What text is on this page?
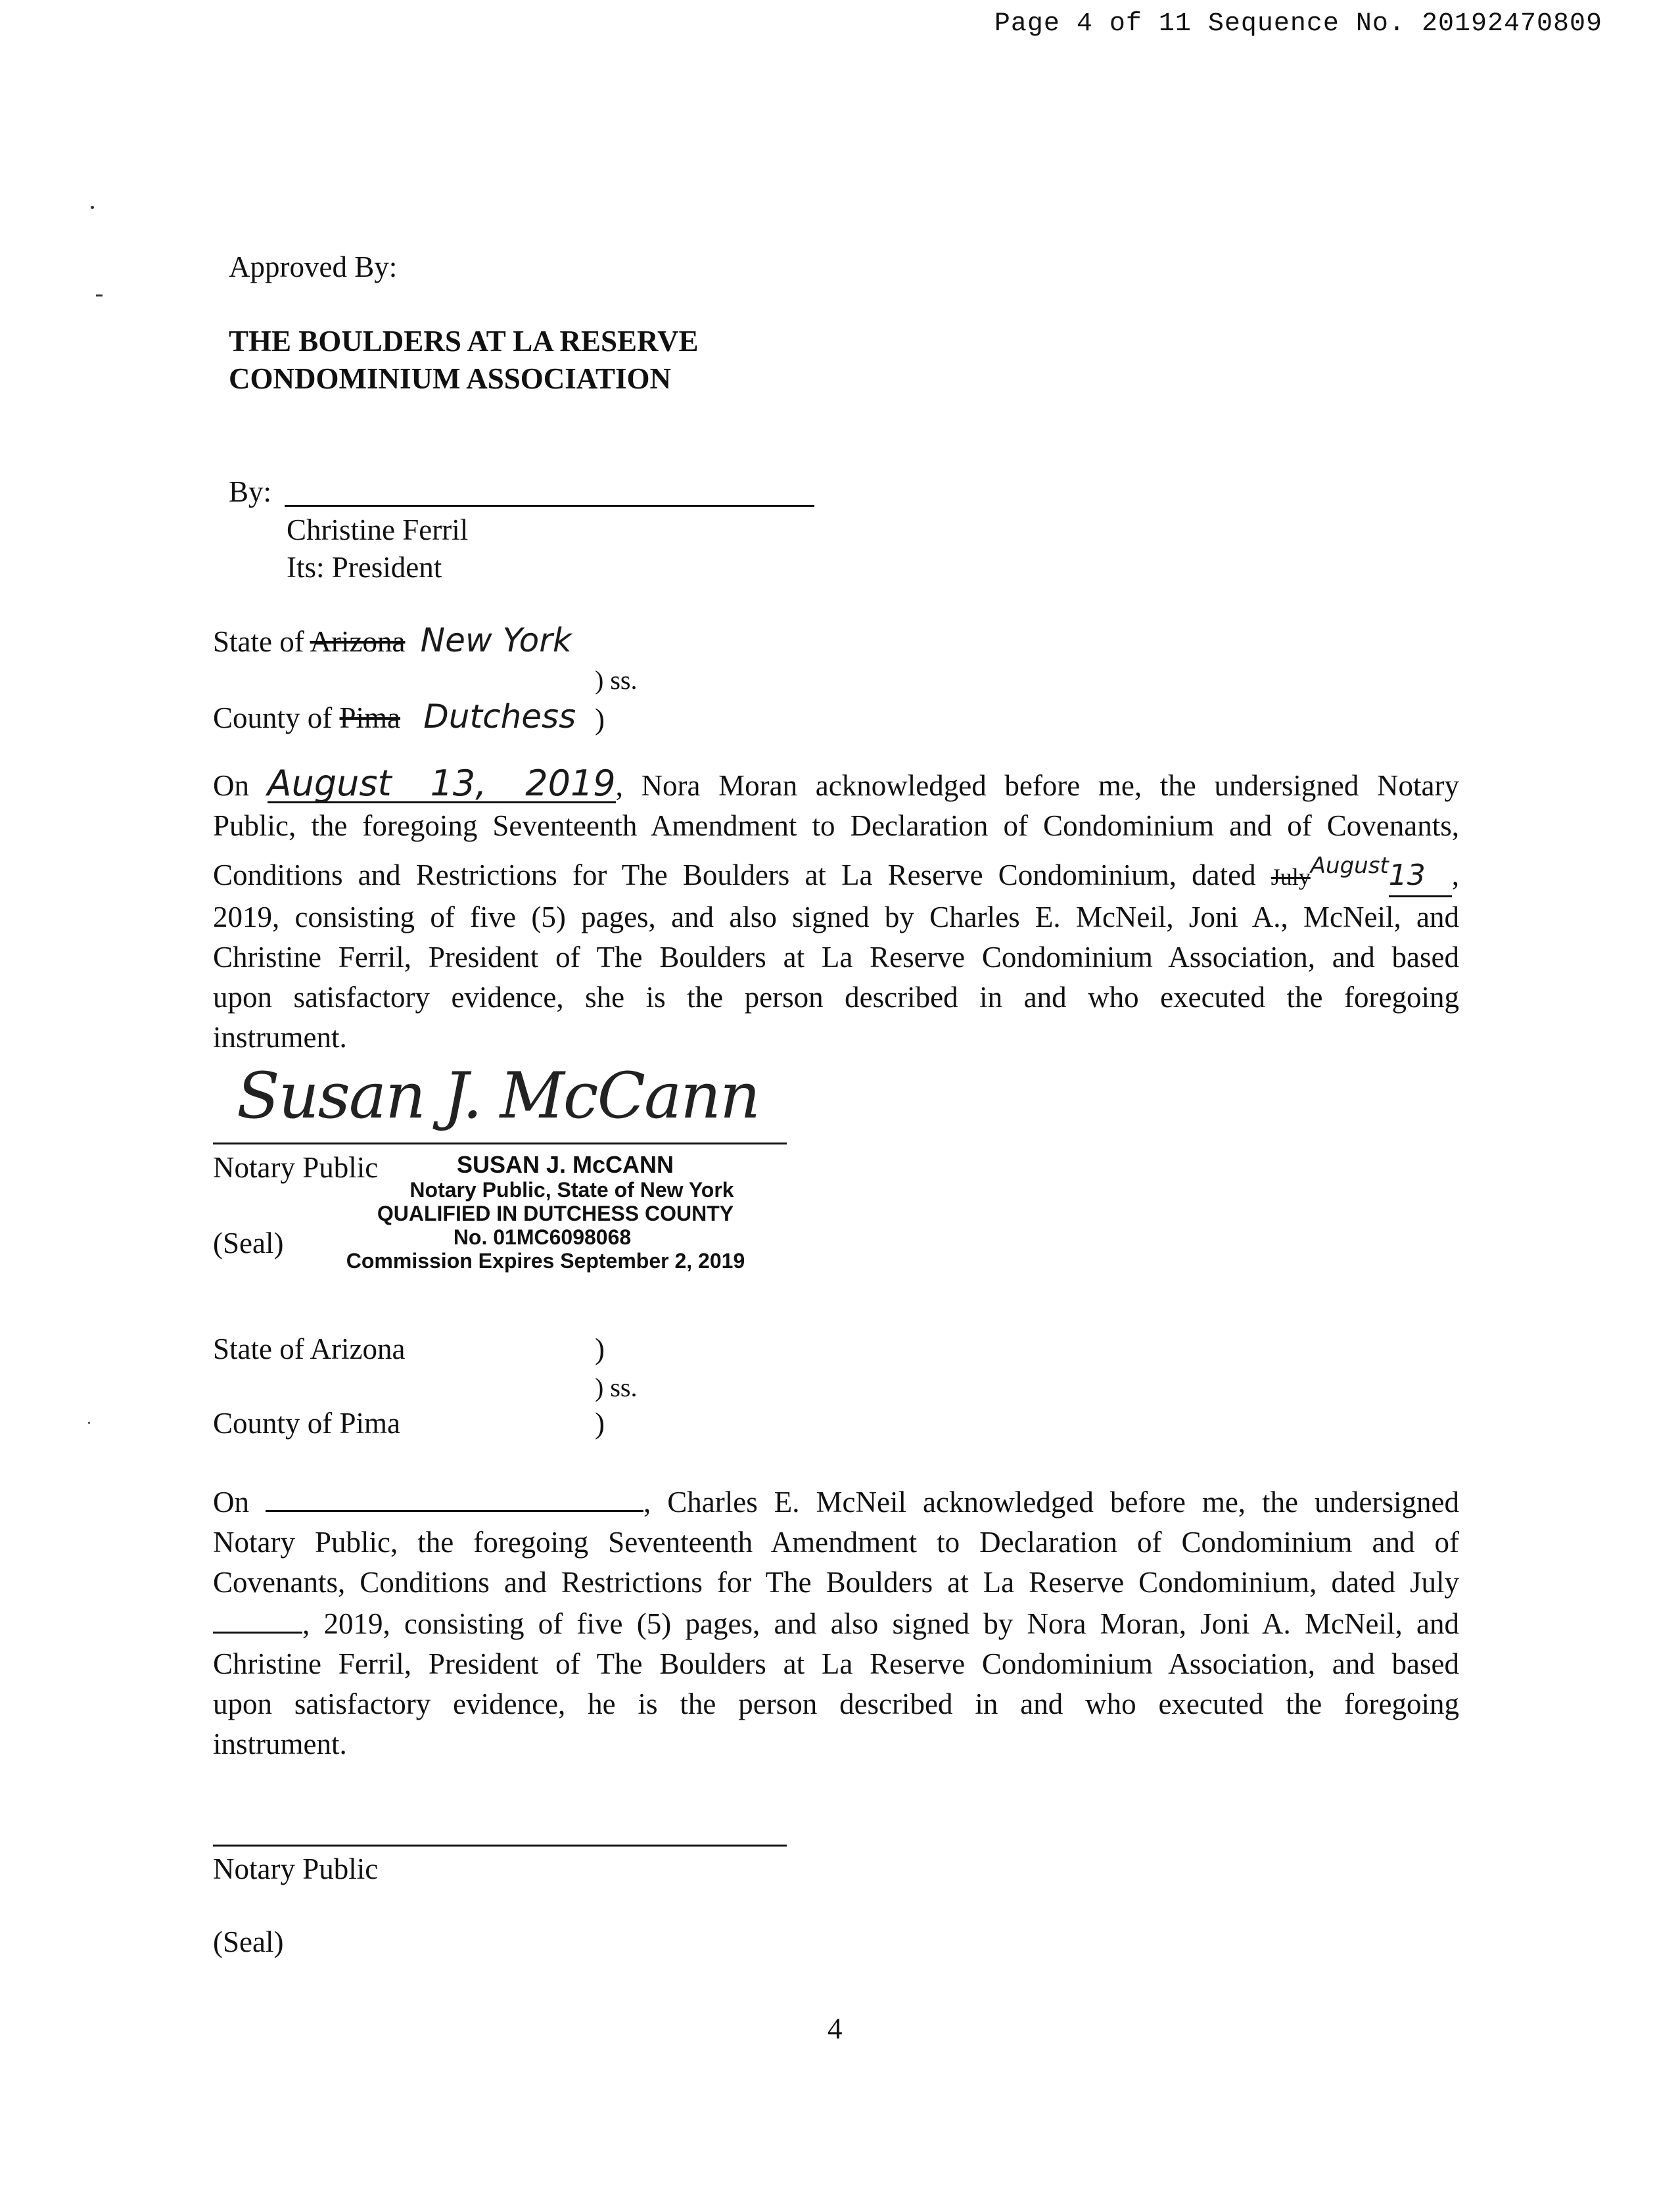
Page 4 of 11 Sequence No. 20192470809
Approved By:
THE BOULDERS AT LA RESERVE
CONDOMINIUM ASSOCIATION
By:
Christine Ferril
Its: President
State of Arizona New York
) ss.
County of Pima Dutchess )
On August 13, 2019, Nora Moran acknowledged before me, the undersigned Notary
Public, the foregoing Seventeenth Amendment to Declaration of Condominium and of Covenants,
Conditions and Restrictions for The Boulders at La Reserve Condominium, dated July$^{August}$13 ,
2019, consisting of five (5) pages, and also signed by Charles E. McNeil, Joni A., McNeil, and
Christine Ferril, President of The Boulders at La Reserve Condominium Association, and based
upon satisfactory evidence, she is the person described in and who executed the foregoing
instrument.
Susan J. McCann
Notary Public
(Seal)
SUSAN J. McCANN
Notary Public, State of New York
QUALIFIED IN DUTCHESS COUNTY
No. 01MC6098068
Commission Expires September 2, 2019
State of Arizona	)
) ss.
County of Pima	)
On	, Charles E. McNeil acknowledged before me, the undersigned
Notary Public, the foregoing Seventeenth Amendment to Declaration of Condominium and of
Covenants, Conditions and Restrictions for The Boulders at La Reserve Condominium, dated July
, 2019, consisting of five (5) pages, and also signed by Nora Moran, Joni A. McNeil, and
Christine Ferril, President of The Boulders at La Reserve Condominium Association, and based
upon satisfactory evidence, he is the person described in and who executed the foregoing
instrument.
Notary Public
(Seal)
4
